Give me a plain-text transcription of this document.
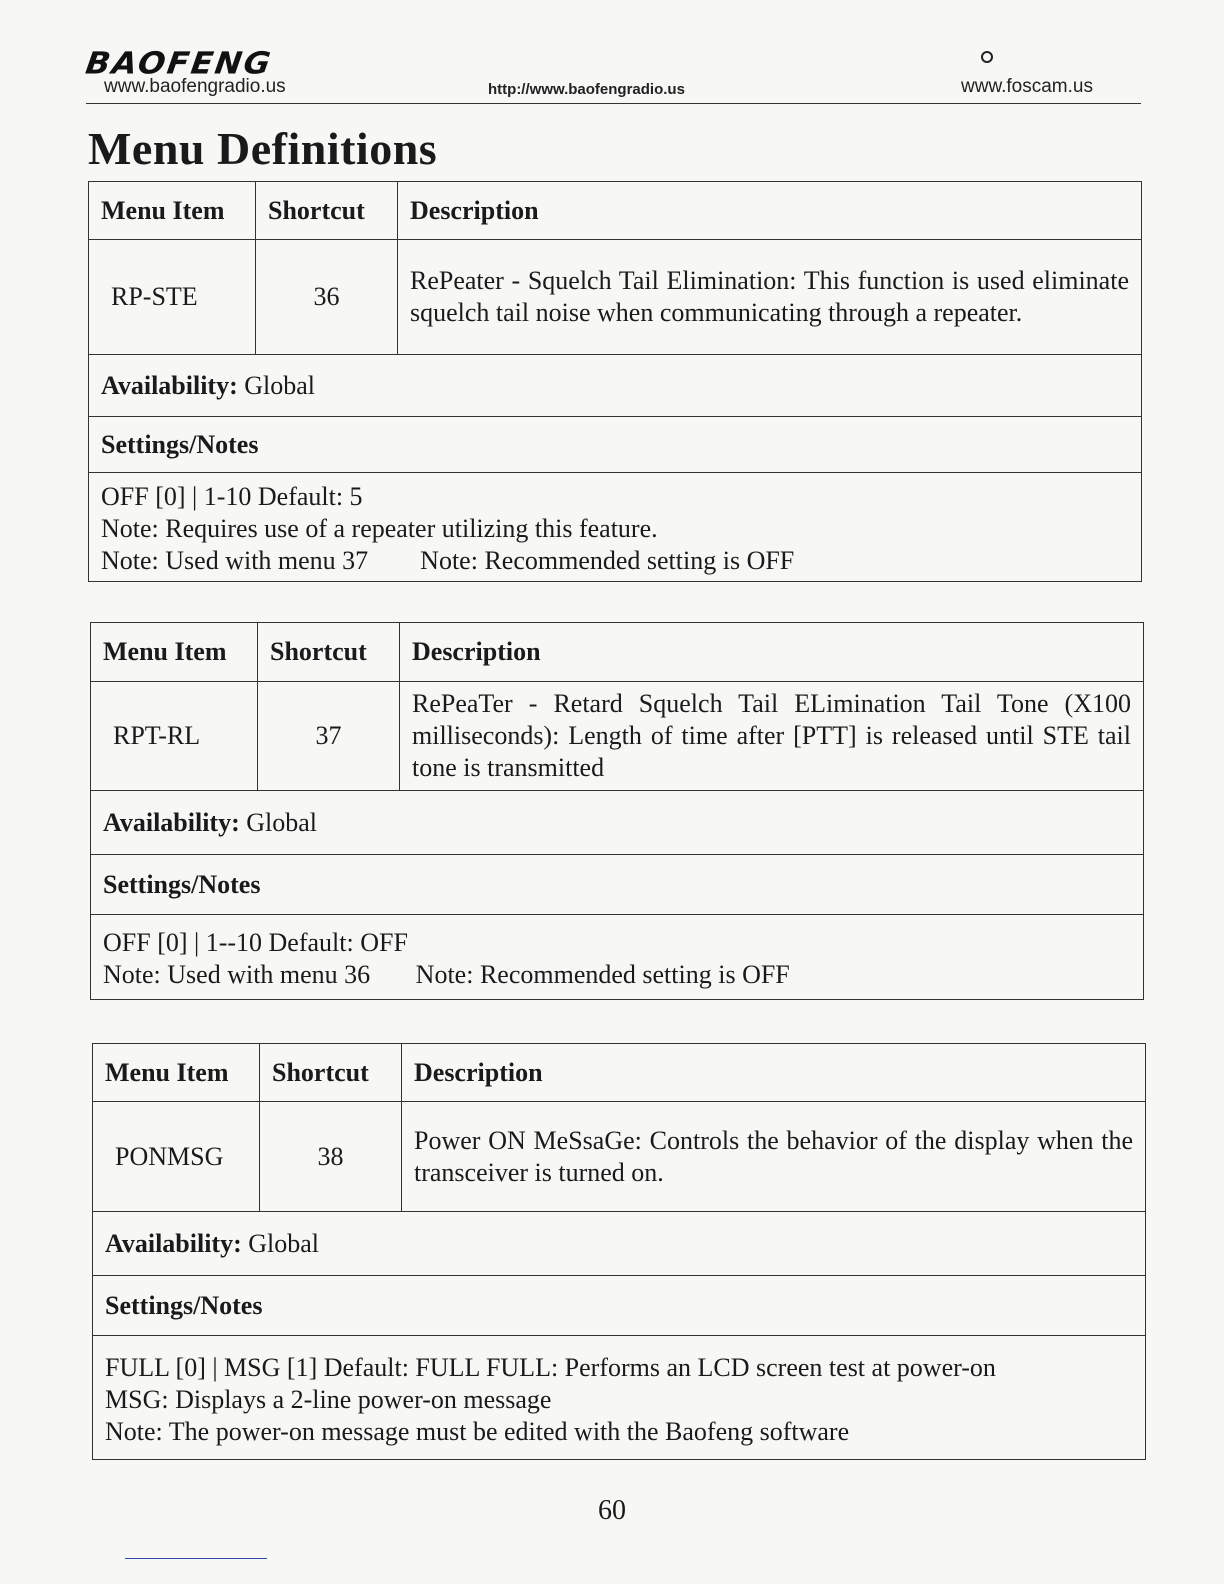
BAOFENG
www.baofengradio.us	http://www.baofengradio.us	www.foscam.us
Menu Definitions
Menu Item	Shortcut	Description
RP-STE	36	RePeater - Squelch Tail Elimination: This function is used eliminate squelch tail noise when communicating through a repeater.
Availability: Global		
Settings/Notes		

OFF [0] | 1-10 Default: 5
Note: Requires use of a repeater utilizing this feature.
Note: Used with menu 37        Note: Recommended setting is OFF		
Menu Item	Shortcut	Description
RPT-RL	37	RePeaTer - Retard Squelch Tail ELimination Tail Tone (X100 milliseconds): Length of time after [PTT] is released until STE tail tone is transmitted
Availability: Global		
Settings/Notes		

OFF [0] | 1--10 Default: OFF
Note: Used with menu 36       Note: Recommended setting is OFF		
Menu Item	Shortcut	Description
PONMSG	38	Power ON MeSsaGe: Controls the behavior of the display when the transceiver is turned on.
Availability: Global		
Settings/Notes		

FULL [0] | MSG [1] Default: FULL FULL: Performs an LCD screen test at power-on
MSG: Displays a 2-line power-on message
Note: The power-on message must be edited with the Baofeng software		
60
